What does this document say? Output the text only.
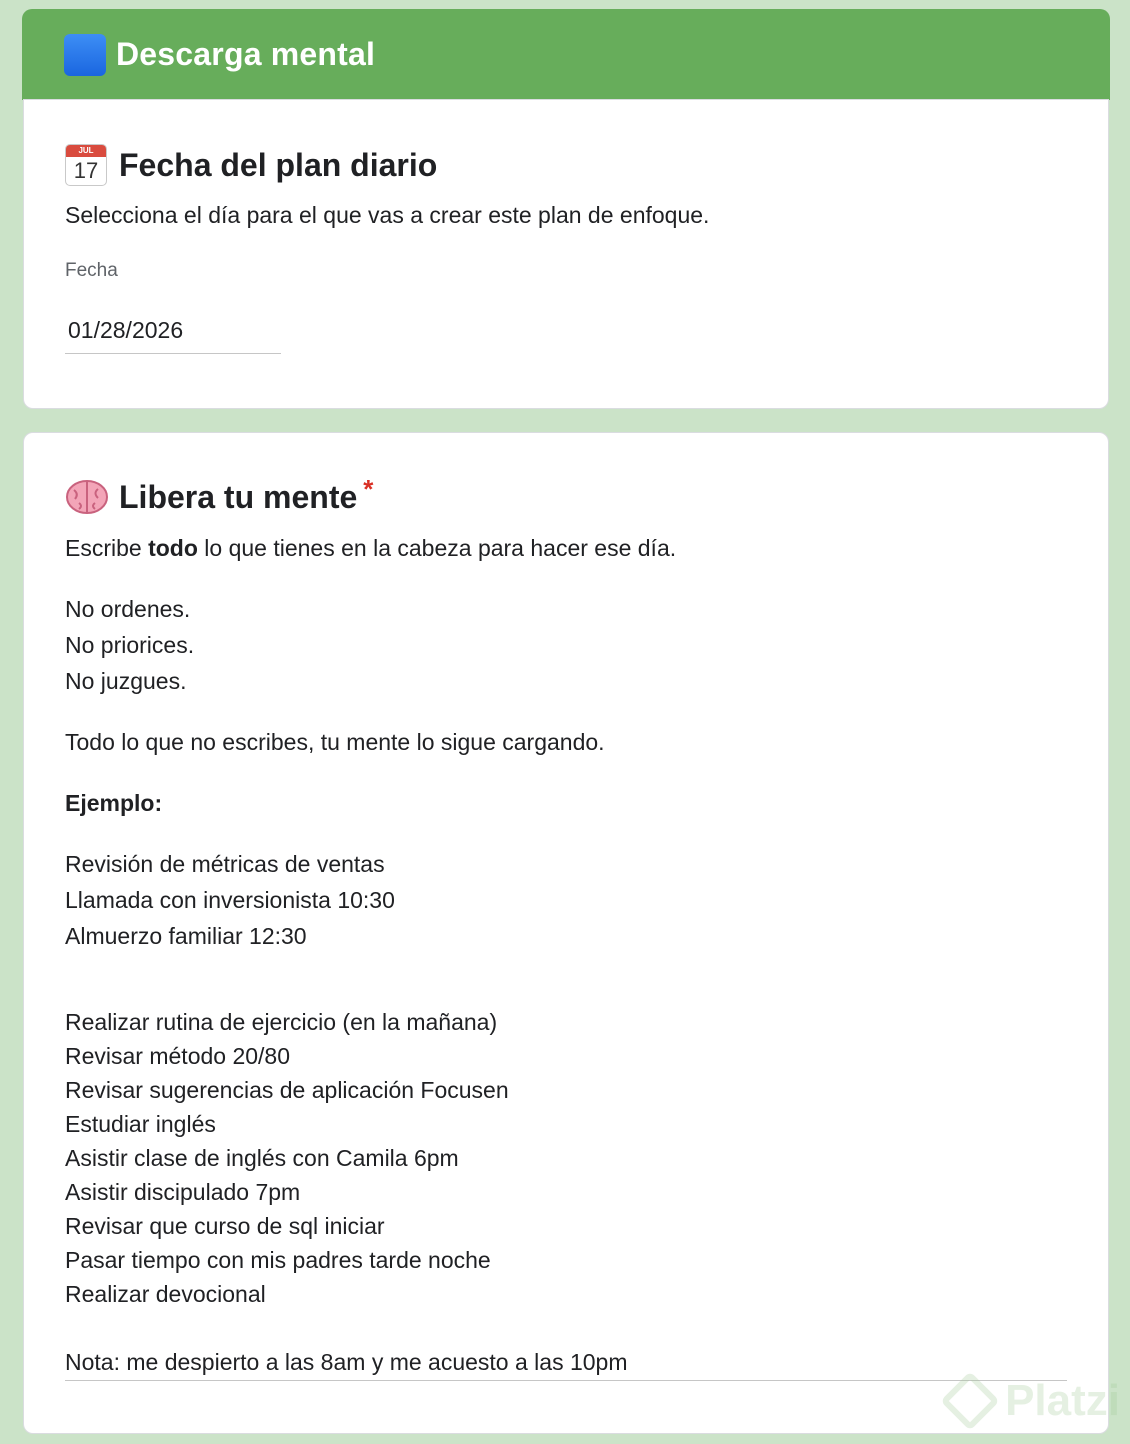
Descarga mental
JUL
17 Fecha del plan diario
Selecciona el día para el que vas a crear este plan de enfoque.
Fecha
01/28/2026
Libera tu mente *
Escribe todo lo que tienes en la cabeza para hacer ese día.
No ordenes.
No priorices.
No juzgues.
Todo lo que no escribes, tu mente lo sigue cargando.
Ejemplo:
Revisión de métricas de ventas
Llamada con inversionista 10:30
Almuerzo familiar 12:30
Realizar rutina de ejercicio (en la mañana)
Revisar método 20/80
Revisar sugerencias de aplicación Focusen
Estudiar inglés
Asistir clase de inglés con Camila 6pm
Asistir discipulado 7pm
Revisar que curso de sql iniciar
Pasar tiempo con mis padres tarde noche
Realizar devocional

Nota: me despierto a las 8am y me acuesto a las 10pm
Platzi
